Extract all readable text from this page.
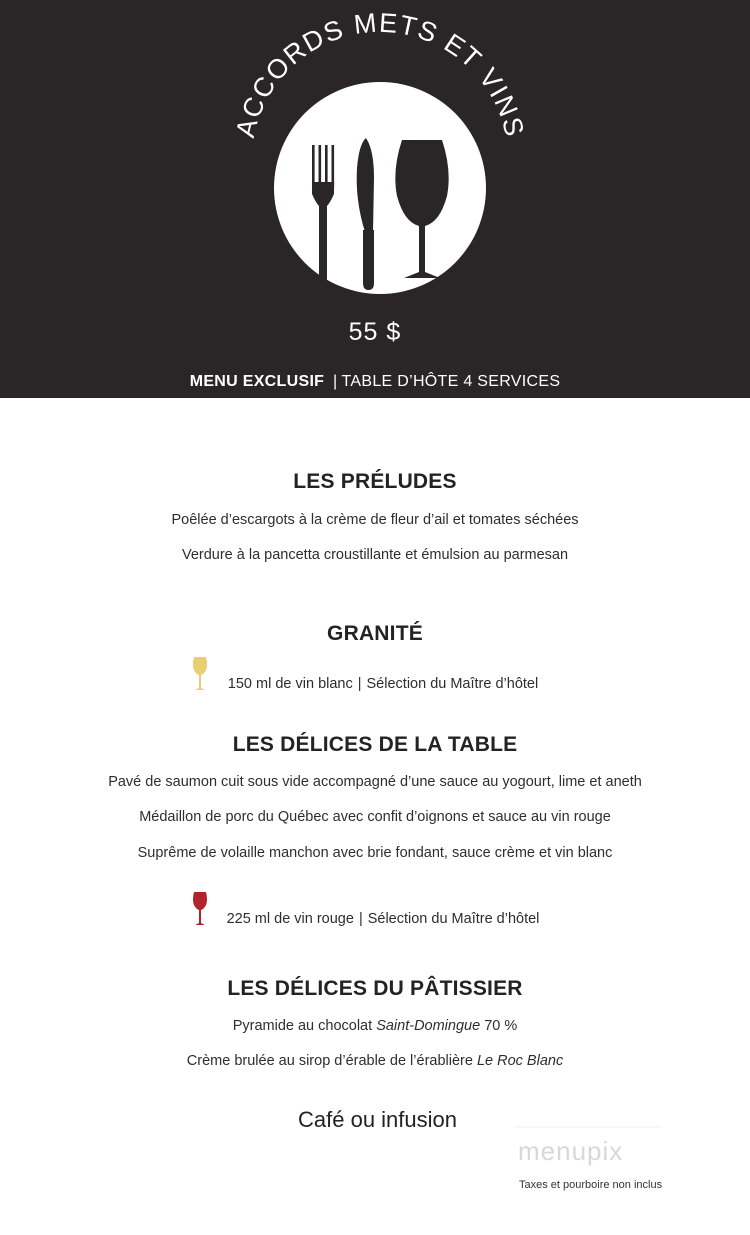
ACCORDS METS ET VINS
55 $
MENU EXCLUSIF | TABLE D’HÔTE 4 SERVICES
LES PRÉLUDES
Poêlée d’escargots à la crème de fleur d’ail et tomates séchées
Verdure à la pancetta croustillante et émulsion au parmesan
GRANITÉ
150 ml de vin blanc | Sélection du Maître d’hôtel
LES DÉLICES DE LA TABLE
Pavé de saumon cuit sous vide accompagné d’une sauce au yogourt, lime et aneth
Médaillon de porc du Québec avec confit d’oignons et sauce au vin rouge
Suprême de volaille manchon avec brie fondant, sauce crème et vin blanc
225 ml de vin rouge | Sélection du Maître d’hôtel
LES DÉLICES DU PÂTISSIER
Pyramide au chocolat Saint-Domingue 70 %
Crème brulée au sirop d’érable de l’érablière Le Roc Blanc
Café ou infusion
menupix
Taxes et pourboire non inclus
